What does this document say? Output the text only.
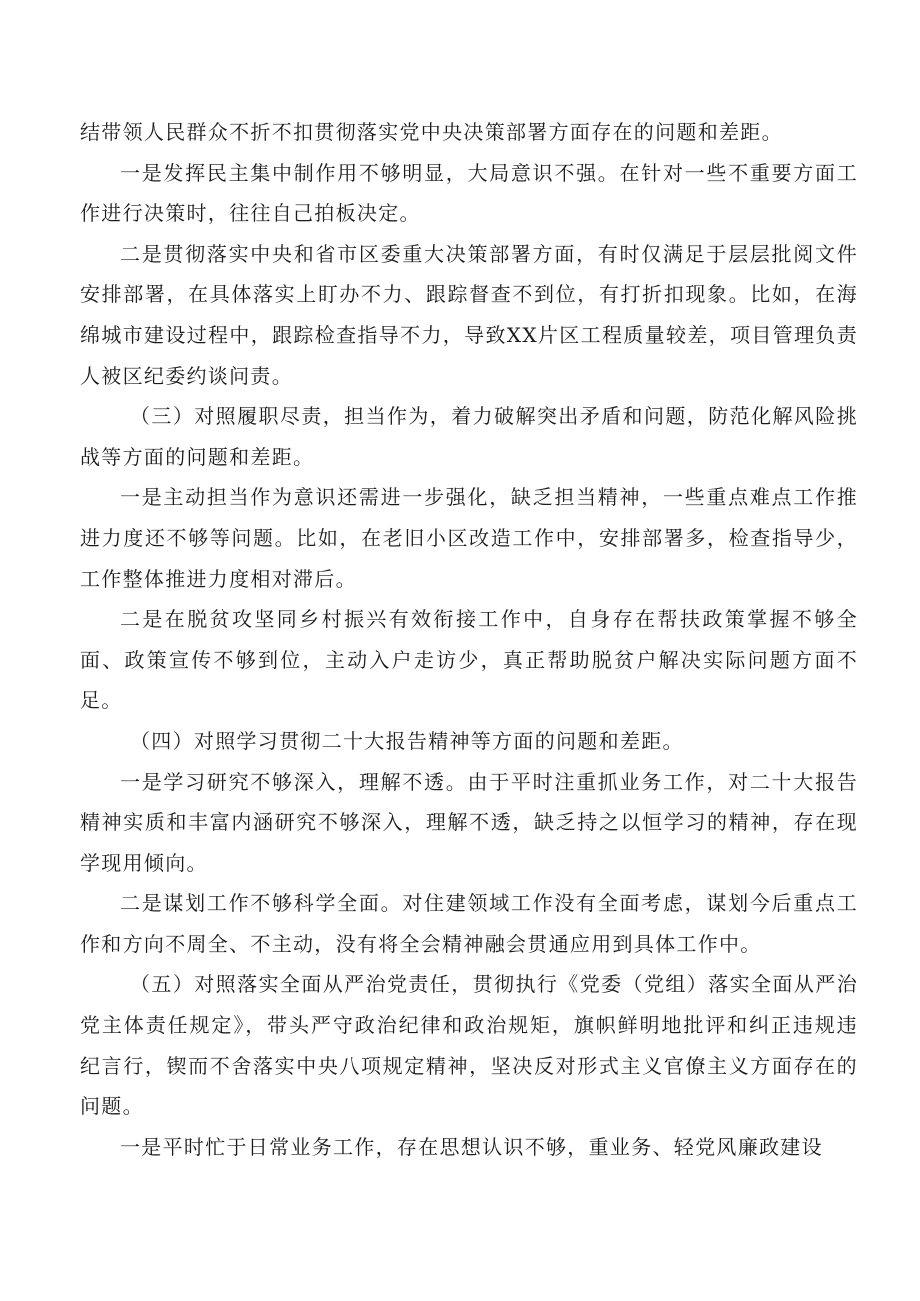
结带领人民群众不折不扣贯彻落实党中央决策部署方面存在的问题和差距。

一是发挥民主集中制作用不够明显，大局意识不强。在针对一些不重要方面工作进行决策时，往往自己拍板决定。

二是贯彻落实中央和省市区委重大决策部署方面，有时仅满足于层层批阅文件安排部署，在具体落实上盯办不力、跟踪督查不到位，有打折扣现象。比如，在海绵城市建设过程中，跟踪检查指导不力，导致XX片区工程质量较差，项目管理负责人被区纪委约谈问责。

（三）对照履职尽责，担当作为，着力破解突出矛盾和问题，防范化解风险挑战等方面的问题和差距。

一是主动担当作为意识还需进一步强化，缺乏担当精神，一些重点难点工作推进力度还不够等问题。比如，在老旧小区改造工作中，安排部署多，检查指导少，工作整体推进力度相对滞后。

二是在脱贫攻坚同乡村振兴有效衔接工作中，自身存在帮扶政策掌握不够全面、政策宣传不够到位，主动入户走访少，真正帮助脱贫户解决实际问题方面不足。

（四）对照学习贯彻二十大报告精神等方面的问题和差距。

一是学习研究不够深入，理解不透。由于平时注重抓业务工作，对二十大报告精神实质和丰富内涵研究不够深入，理解不透，缺乏持之以恒学习的精神，存在现学现用倾向。

二是谋划工作不够科学全面。对住建领域工作没有全面考虑，谋划今后重点工作和方向不周全、不主动，没有将全会精神融会贯通应用到具体工作中。

（五）对照落实全面从严治党责任，贯彻执行《党委（党组）落实全面从严治党主体责任规定》，带头严守政治纪律和政治规矩，旗帜鲜明地批评和纠正违规违纪言行，锲而不舍落实中央八项规定精神，坚决反对形式主义官僚主义方面存在的问题。

一是平时忙于日常业务工作，存在思想认识不够，重业务、轻党风廉政建设
